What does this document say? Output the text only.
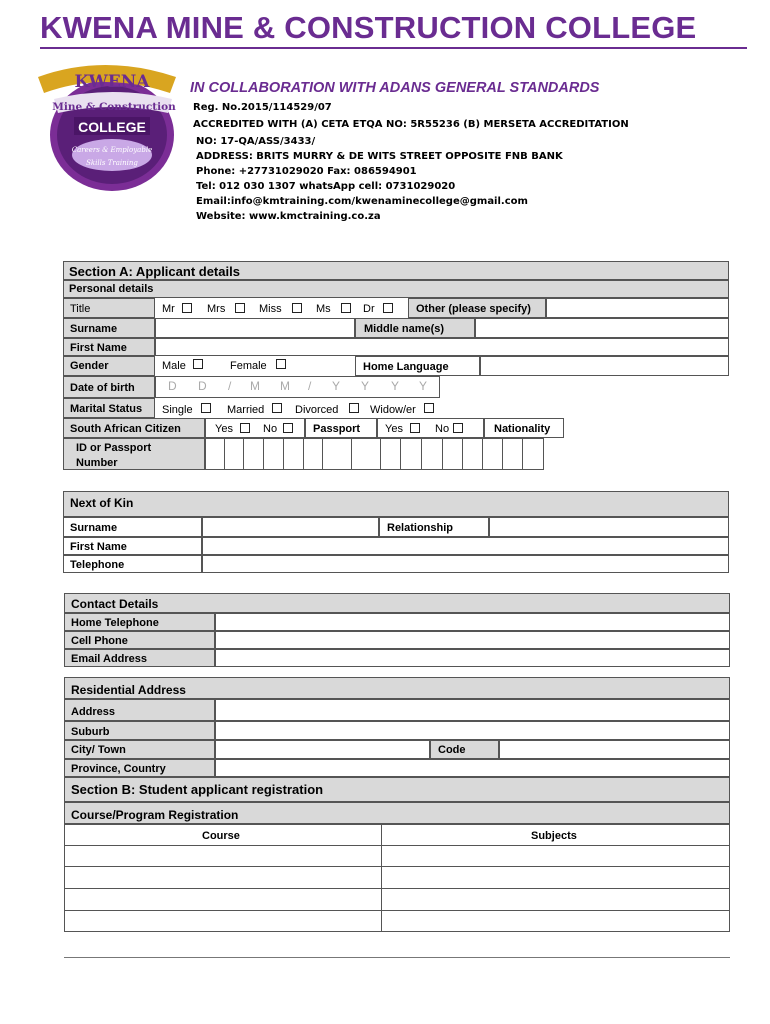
KWENA MINE & CONSTRUCTION COLLEGE
KWENA
Mine & Construction
COLLEGE
Careers & Employable
Skills Training
IN COLLABORATION WITH ADANS GENERAL STANDARDS
Reg. No.2015/114529/07
ACCREDITED WITH (A) CETA ETQA NO: 5R55236 (B) MERSETA ACCREDITATION
NO: 17-QA/ASS/3433/
ADDRESS: BRITS MURRY & DE WITS STREET OPPOSITE FNB BANK
Phone: +27731029020 Fax: 086594901
Tel: 012 030 1307 whatsApp cell: 0731029020
Email:info@kmtraining.com/kwenaminecollege@gmail.com
Website: www.kmctraining.co.za
Section A: Applicant details
Personal details
Title	Mr	Mrs	Miss	Ms	Dr	Other (please specify)
Surname	Middle name(s)
First Name
Gender	Male	Female	Home Language
Date of birth	D D / M M / Y Y Y Y
Marital Status Single	Married	Divorced	Widow/er
South African Citizen	Yes	No	Passport Yes	No	Nationality
ID or Passport
Number
Next of Kin
Surname	Relationship
First Name
Telephone
Contact Details
Home Telephone
Cell Phone
Email Address
Residential Address
Address
Suburb
City/ Town	Code
Province, Country
Section B: Student applicant registration
Course/Program Registration
Course	Subjects
